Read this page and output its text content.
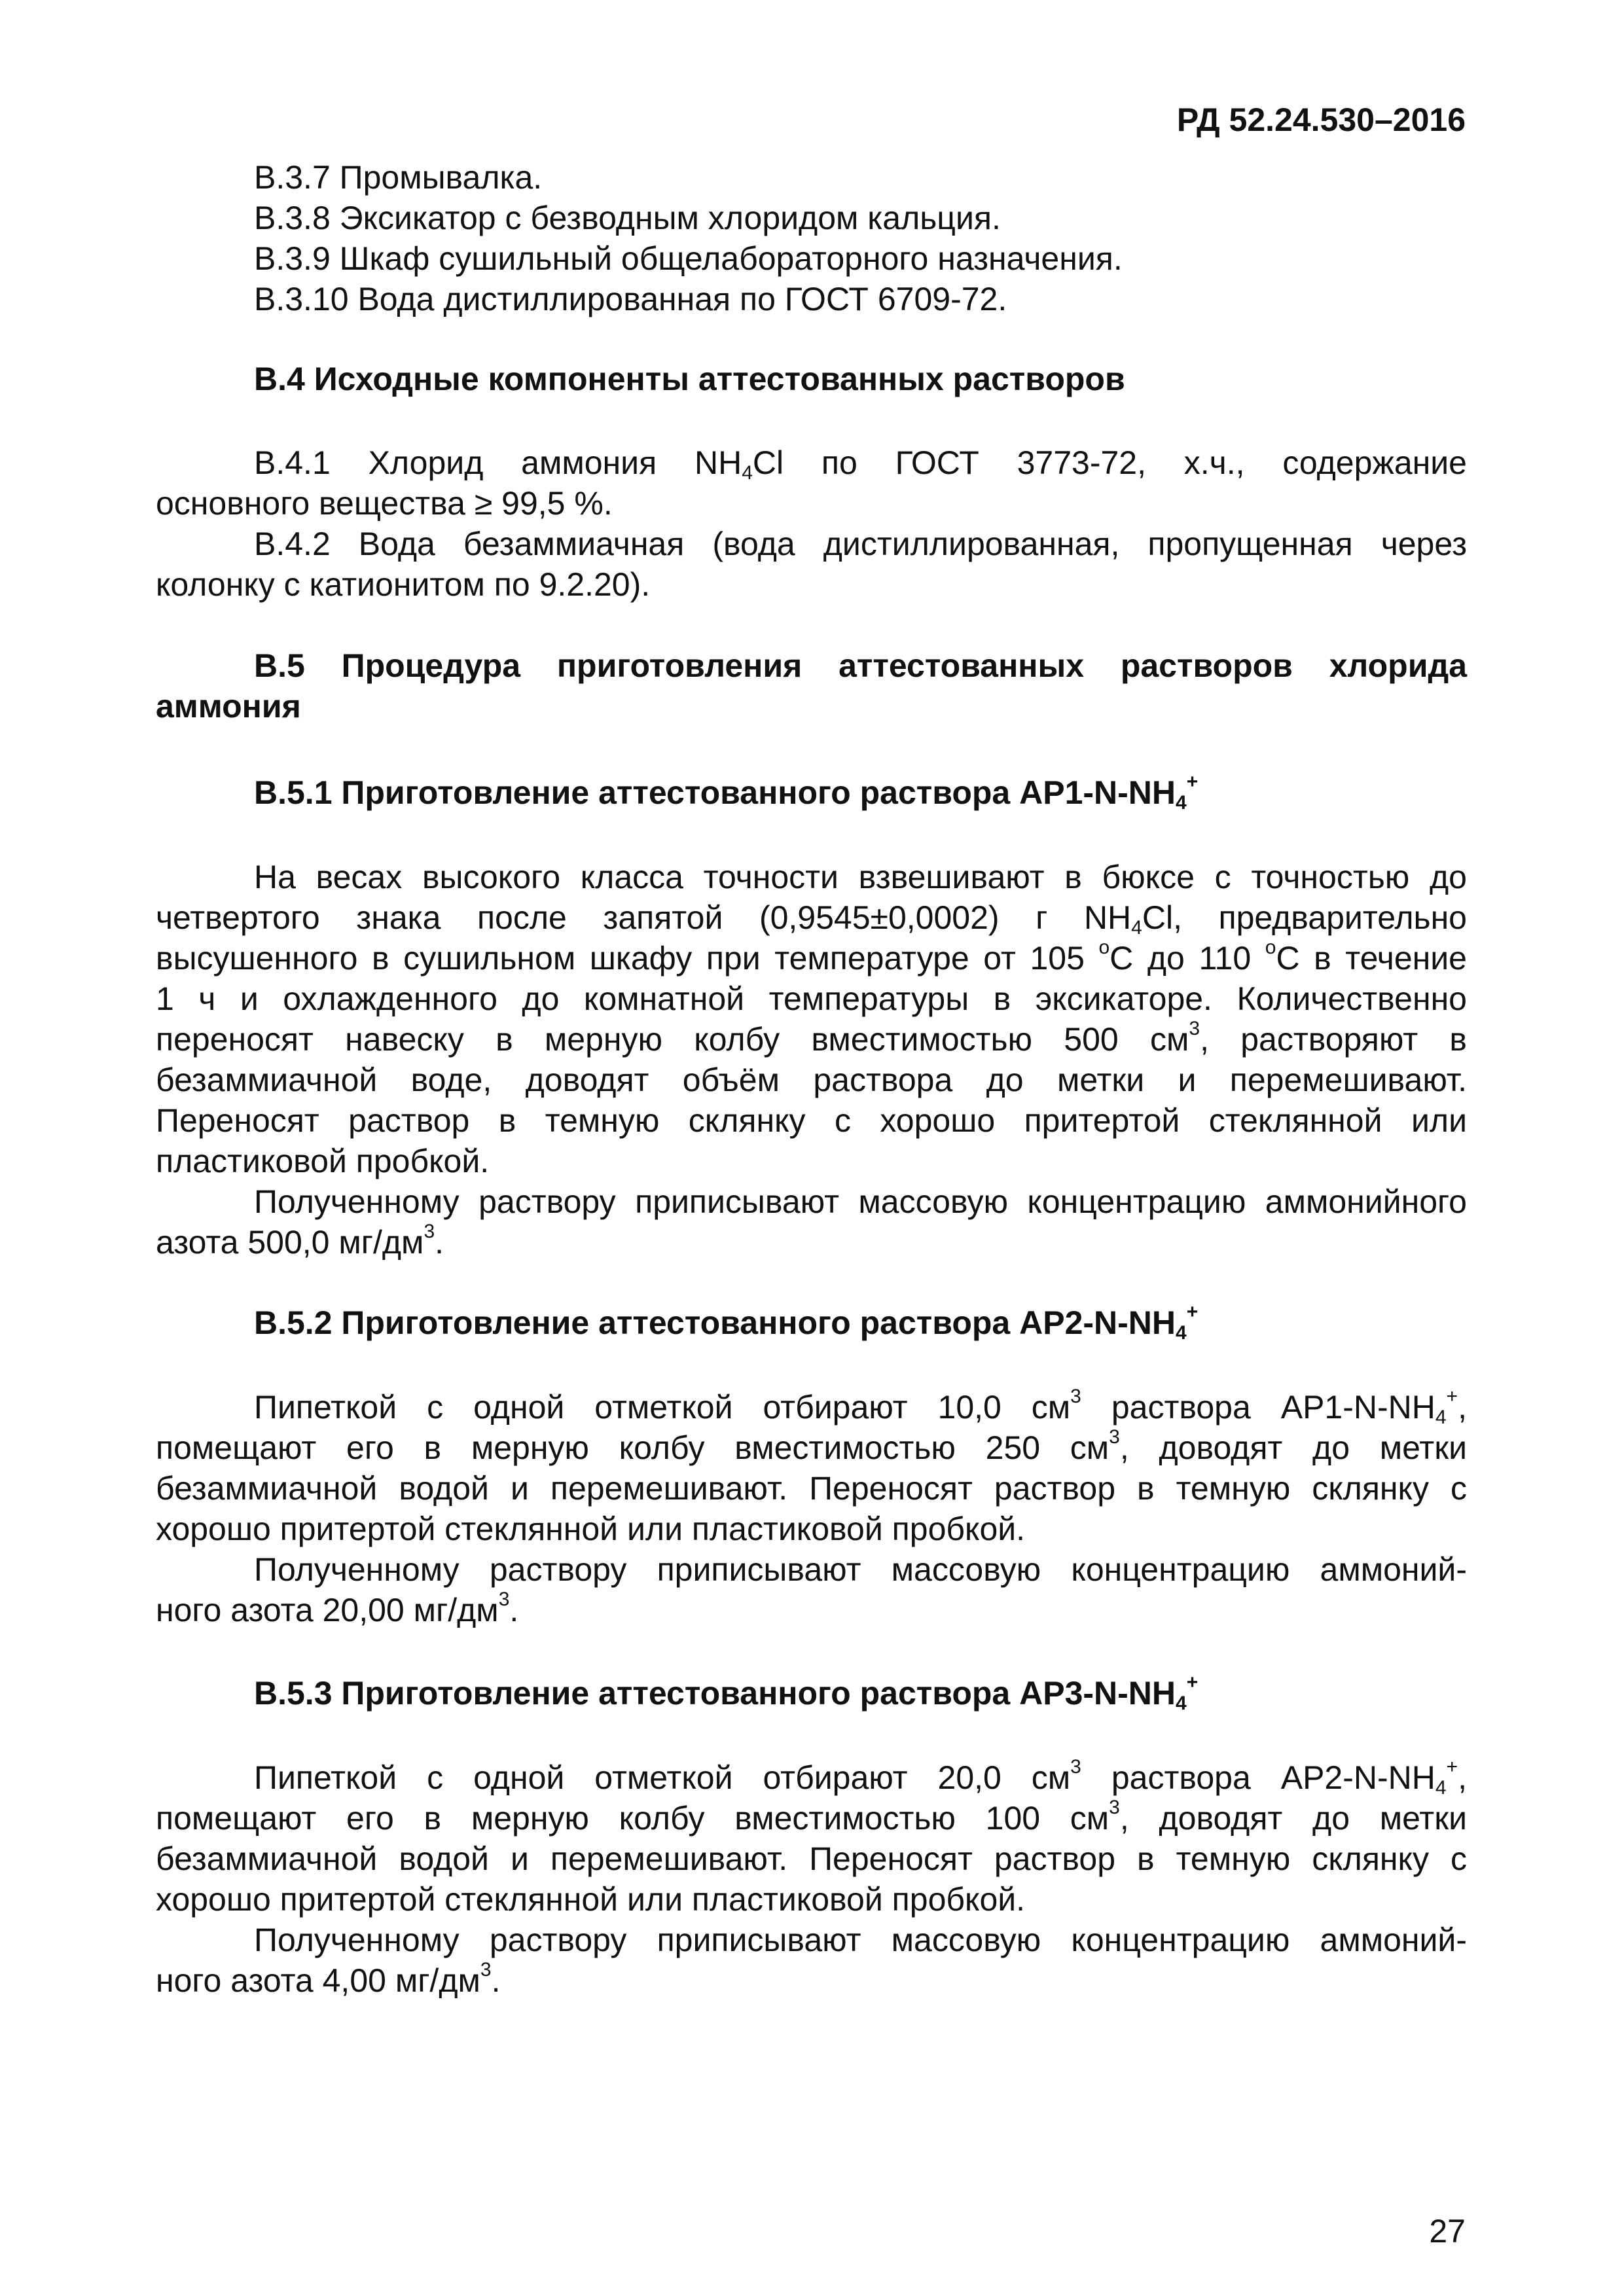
РД 52.24.530–2016
В.3.7 Промывалка.
В.3.8 Эксикатор с безводным хлоридом кальция.
В.3.9 Шкаф сушильный общелабораторного назначения.
В.3.10 Вода дистиллированная по ГОСТ 6709-72.
В.4 Исходные компоненты аттестованных растворов
В.4.1 Хлорид аммония $NH_4Cl$ по ГОСТ 3773-72, х.ч., содержание
основного вещества ≥ 99,5 %.
В.4.2 Вода безаммиачная (вода дистиллированная, пропущенная через
колонку с катионитом по 9.2.20).
В.5 Процедура приготовления аттестованных растворов хлорида
аммония
В.5.1 Приготовление аттестованного раствора $АР1-N-NH_4^+$
На весах высокого класса точности взвешивают в бюксе с точностью до
четвертого знака после запятой (0,9545±0,0002) г $NH_4Cl$, предварительно
высушенного в сушильном шкафу при температуре от 105 $^о$С до 110 $^о$С в течение
1 ч и охлажденного до комнатной температуры в эксикаторе. Количественно
переносят навеску в мерную колбу вместимостью 500 $см^3$, растворяют в
безаммиачной воде, доводят объём раствора до метки и перемешивают.
Переносят раствор в темную склянку с хорошо притертой стеклянной или
пластиковой пробкой.
Полученному раствору приписывают массовую концентрацию аммонийного
азота 500,0 $мг/дм^3$.
В.5.2 Приготовление аттестованного раствора $АР2-N-NH_4^+$
Пипеткой с одной отметкой отбирают 10,0 $см^3$ раствора $АР1-N-NH_4^+$,
помещают его в мерную колбу вместимостью 250 $см^3$, доводят до метки
безаммиачной водой и перемешивают. Переносят раствор в темную склянку с
хорошо притертой стеклянной или пластиковой пробкой.
Полученному раствору приписывают массовую концентрацию аммоний-
ного азота 20,00 $мг/дм^3$.
В.5.3 Приготовление аттестованного раствора $АР3-N-NH_4^+$
Пипеткой с одной отметкой отбирают 20,0 $см^3$ раствора $АР2-N-NH_4^+$,
помещают его в мерную колбу вместимостью 100 $см^3$, доводят до метки
безаммиачной водой и перемешивают. Переносят раствор в темную склянку с
хорошо притертой стеклянной или пластиковой пробкой.
Полученному раствору приписывают массовую концентрацию аммоний-
ного азота 4,00 $мг/дм^3$.
27
